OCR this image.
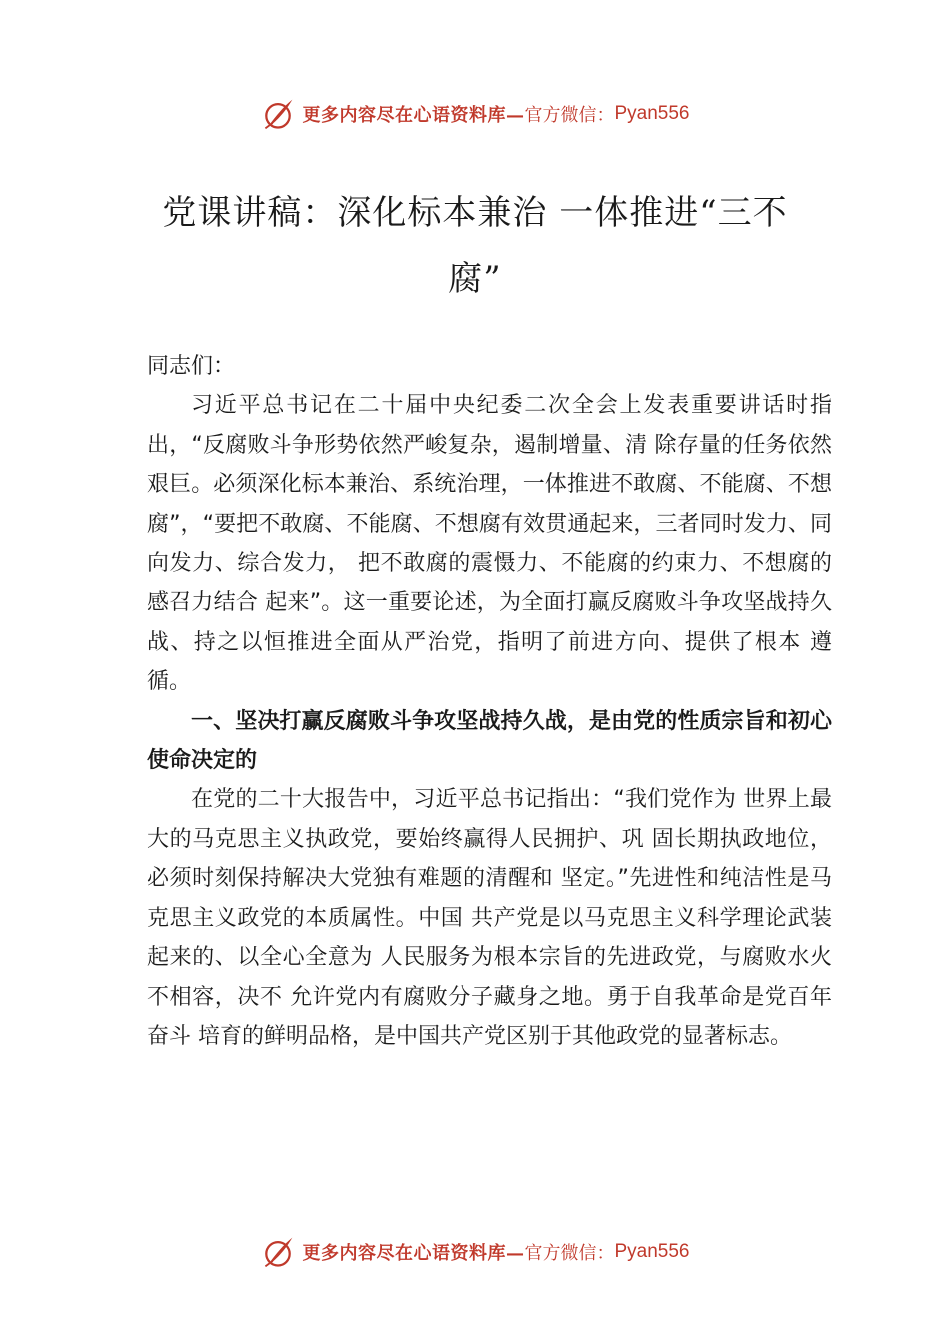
更多内容尽在心语资料库— 官方微信： Pyan556
党课讲稿：深化标本兼治 一体推进“三不腐”

同志们：

习近平总书记在二十届中央纪委二次全会上发表重要讲话时指出，“反腐败斗争形势依然严峻复杂，遏制增量、清 除存量的任务依然艰巨。必须深化标本兼治、系统治理，一体推进不敢腐、不能腐、不想腐”，“要把不敢腐、不能腐、不想腐有效贯通起来，三者同时发力、同向发力、综合发力， 把不敢腐的震慑力、不能腐的约束力、不想腐的感召力结合 起来”。这一重要论述，为全面打赢反腐败斗争攻坚战持久战、持之以恒推进全面从严治党，指明了前进方向、提供了根本 遵循。

一、坚决打赢反腐败斗争攻坚战持久战，是由党的性质宗旨和初心使命决定的

在党的二十大报告中，习近平总书记指出：“我们党作为 世界上最大的马克思主义执政党，要始终赢得人民拥护、巩 固长期执政地位，必须时刻保持解决大党独有难题的清醒和 坚定。”先进性和纯洁性是马克思主义政党的本质属性。中国 共产党是以马克思主义科学理论武装起来的、以全心全意为 人民服务为根本宗旨的先进政党，与腐败水火不相容，决不 允许党内有腐败分子藏身之地。勇于自我革命是党百年奋斗 培育的鲜明品格，是中国共产党区别于其他政党的显著标志。

更多内容尽在心语资料库— 官方微信： Pyan556
